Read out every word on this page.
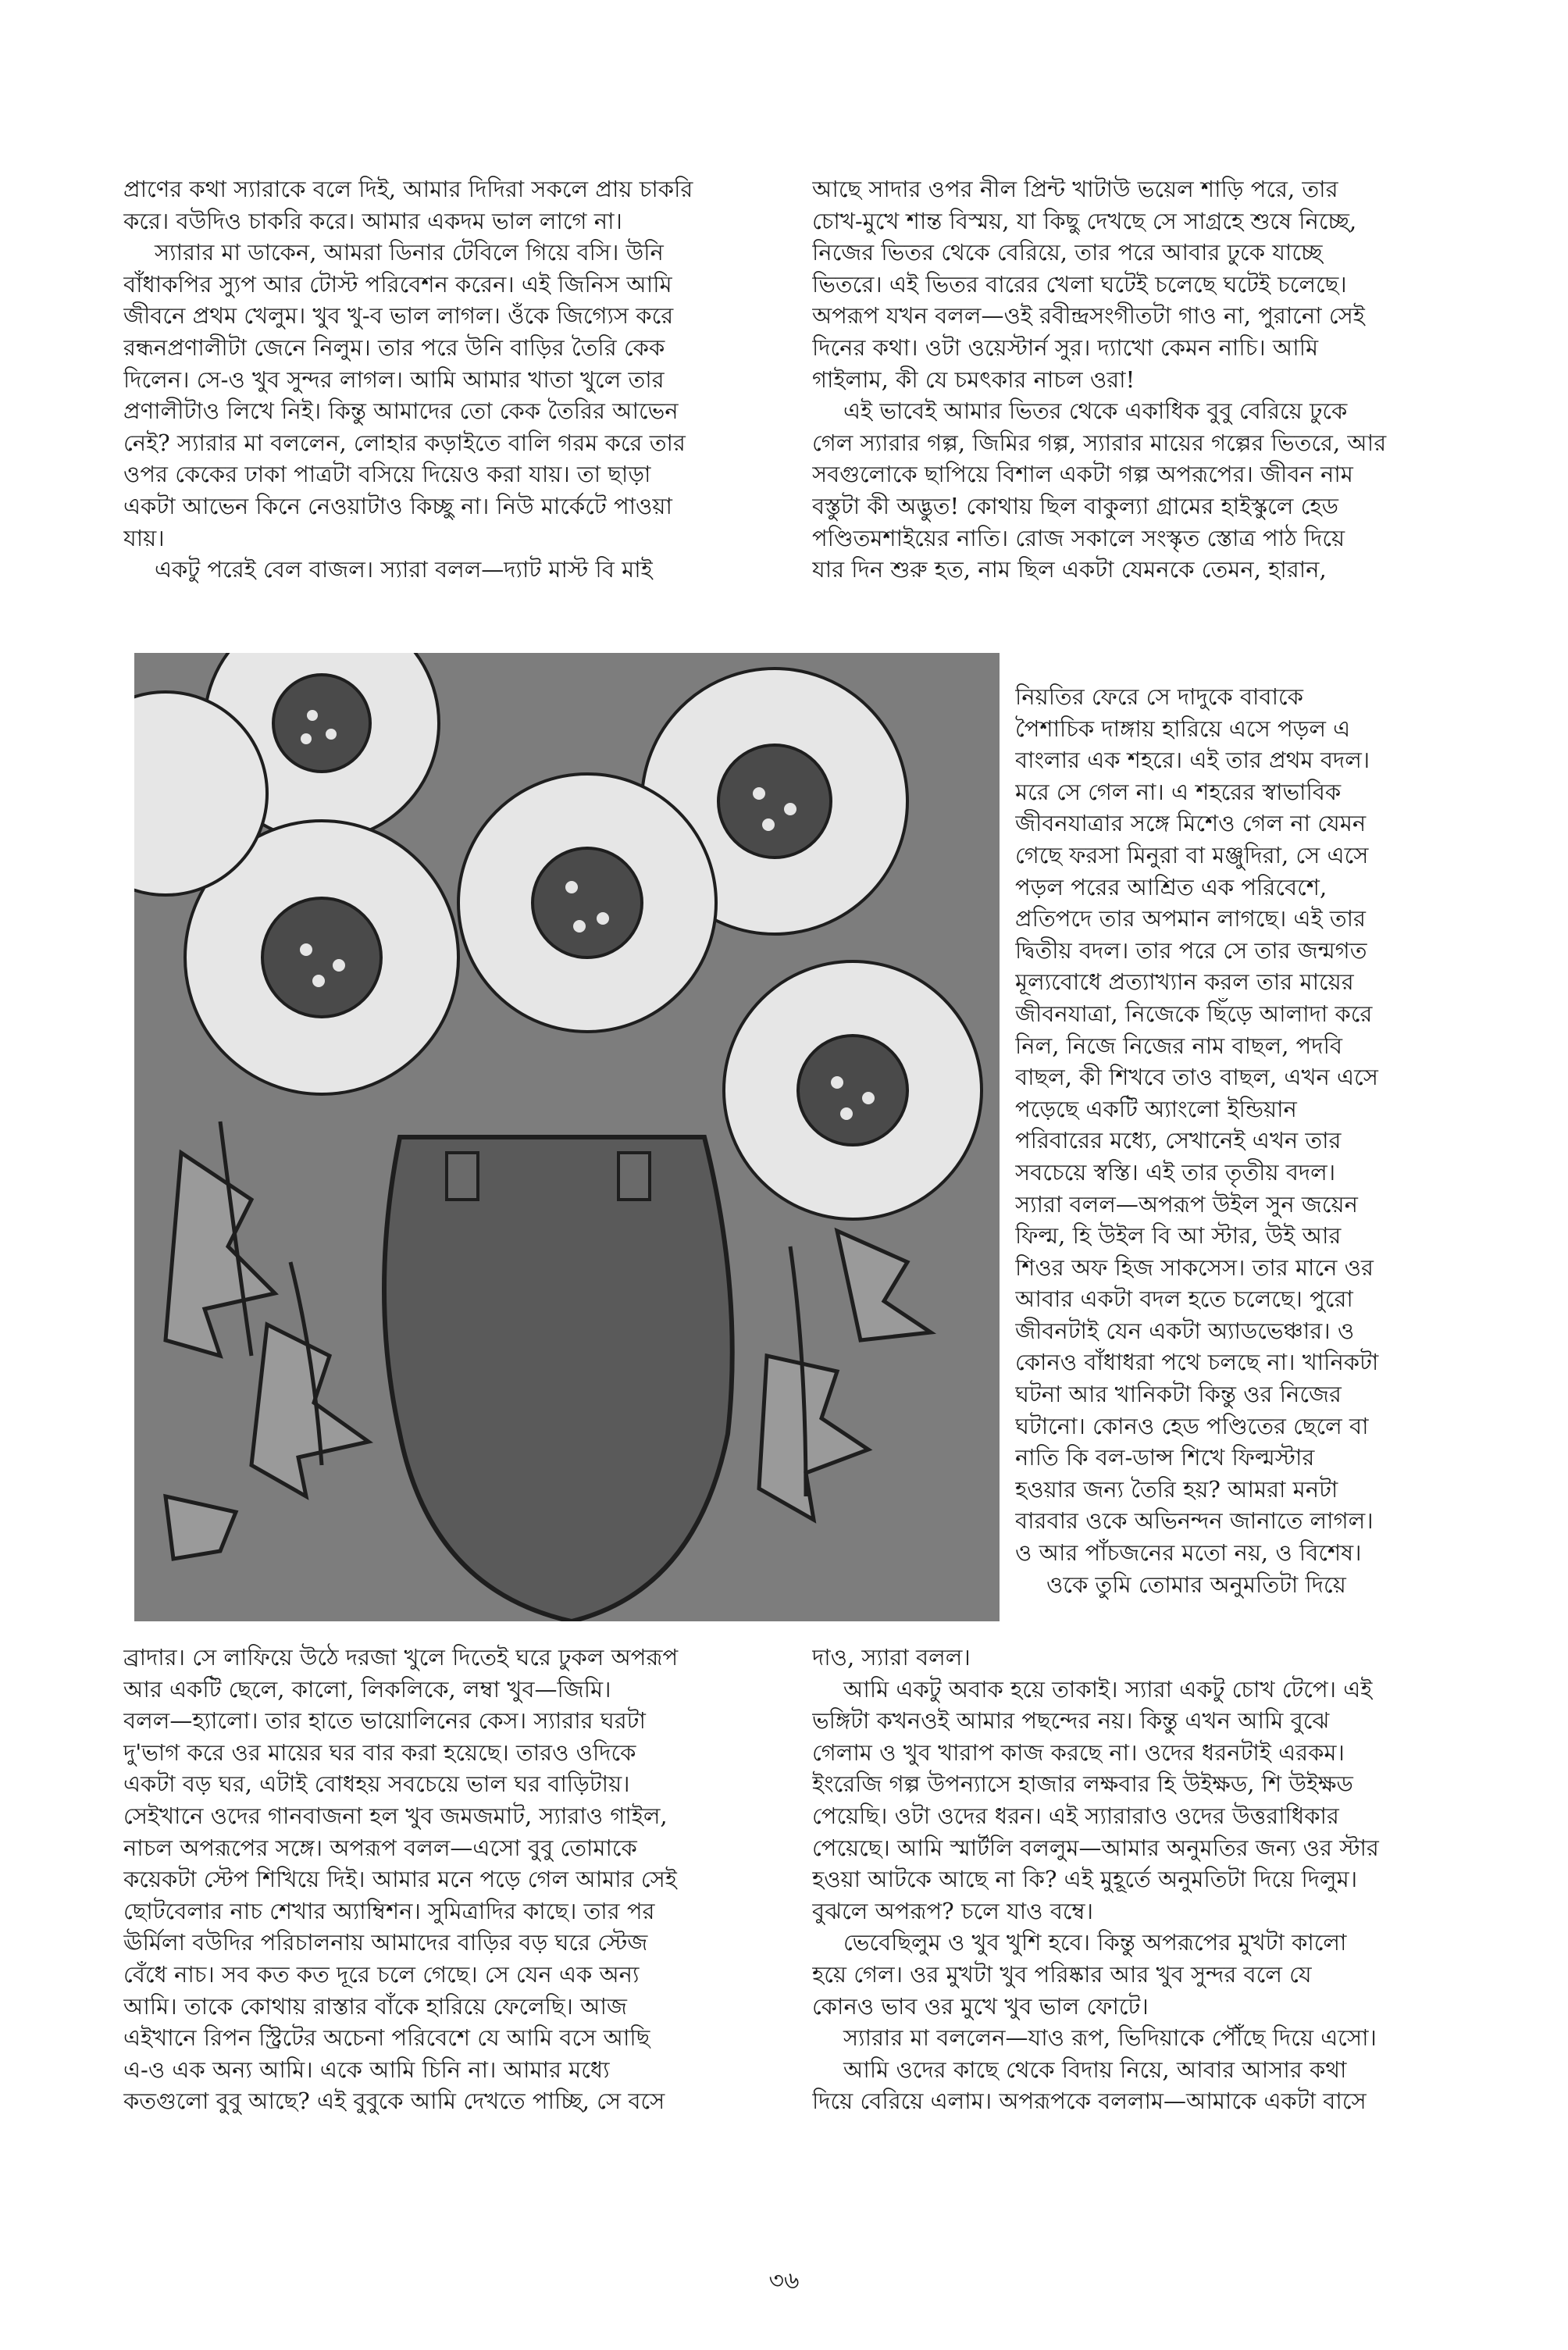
প্রাণের কথা স্যারাকে বলে দিই, আমার দিদিরা সকলে প্রায় চাকরি
করে। বউদিও চাকরি করে। আমার একদম ভাল লাগে না।
স্যারার মা ডাকেন, আমরা ডিনার টেবিলে গিয়ে বসি। উনি
বাঁধাকপির স্যুপ আর টোস্ট পরিবেশন করেন। এই জিনিস আমি
জীবনে প্রথম খেলুম। খুব খু-ব ভাল লাগল। ওঁকে জিগ্যেস করে
রন্ধনপ্রণালীটা জেনে নিলুম। তার পরে উনি বাড়ির তৈরি কেক
দিলেন। সে-ও খুব সুন্দর লাগল। আমি আমার খাতা খুলে তার
প্রণালীটাও লিখে নিই। কিন্তু আমাদের তো কেক তৈরির আভেন
নেই? স্যারার মা বললেন, লোহার কড়াইতে বালি গরম করে তার
ওপর কেকের ঢাকা পাত্রটা বসিয়ে দিয়েও করা যায়। তা ছাড়া
একটা আভেন কিনে নেওয়াটাও কিচ্ছু না। নিউ মার্কেটে পাওয়া
যায়।
একটু পরেই বেল বাজল। স্যারা বলল—দ্যাট মাস্ট বি মাই
আছে সাদার ওপর নীল প্রিন্ট খাটাউ ভয়েল শাড়ি পরে, তার
চোখ-মুখে শান্ত বিস্ময়, যা কিছু দেখছে সে সাগ্রহে শুষে নিচ্ছে,
নিজের ভিতর থেকে বেরিয়ে, তার পরে আবার ঢুকে যাচ্ছে
ভিতরে। এই ভিতর বারের খেলা ঘটেই চলেছে ঘটেই চলেছে।
অপরূপ যখন বলল—ওই রবীন্দ্রসংগীতটা গাও না, পুরানো সেই
দিনের কথা। ওটা ওয়েস্টার্ন সুর। দ্যাখো কেমন নাচি। আমি
গাইলাম, কী যে চমৎকার নাচল ওরা!
এই ভাবেই আমার ভিতর থেকে একাধিক বুবু বেরিয়ে ঢুকে
গেল স্যারার গল্প, জিমির গল্প, স্যারার মায়ের গল্পের ভিতরে, আর
সবগুলোকে ছাপিয়ে বিশাল একটা গল্প অপরূপের। জীবন নাম
বস্তুটা কী অদ্ভুত! কোথায় ছিল বাকুল্যা গ্রামের হাইস্কুলে হেড
পণ্ডিতমশাইয়ের নাতি। রোজ সকালে সংস্কৃত স্তোত্র পাঠ দিয়ে
যার দিন শুরু হত, নাম ছিল একটা যেমনকে তেমন, হারান,
নিয়তির ফেরে সে দাদুকে বাবাকে
পৈশাচিক দাঙ্গায় হারিয়ে এসে পড়ল এ
বাংলার এক শহরে। এই তার প্রথম বদল।
মরে সে গেল না। এ শহরের স্বাভাবিক
জীবনযাত্রার সঙ্গে মিশেও গেল না যেমন
গেছে ফরসা মিনুরা বা মঞ্জুদিরা, সে এসে
পড়ল পরের আশ্রিত এক পরিবেশে,
প্রতিপদে তার অপমান লাগছে। এই তার
দ্বিতীয় বদল। তার পরে সে তার জন্মগত
মূল্যবোধে প্রত্যাখ্যান করল তার মায়ের
জীবনযাত্রা, নিজেকে ছিঁড়ে আলাদা করে
নিল, নিজে নিজের নাম বাছল, পদবি
বাছল, কী শিখবে তাও বাছল, এখন এসে
পড়েছে একটি অ্যাংলো ইন্ডিয়ান
পরিবারের মধ্যে, সেখানেই এখন তার
সবচেয়ে স্বস্তি। এই তার তৃতীয় বদল।
স্যারা বলল—অপরূপ উইল সুন জয়েন
ফিল্ম, হি উইল বি আ স্টার, উই আর
শিওর অফ হিজ সাকসেস। তার মানে ওর
আবার একটা বদল হতে চলেছে। পুরো
জীবনটাই যেন একটা অ্যাডভেঞ্চার। ও
কোনও বাঁধাধরা পথে চলছে না। খানিকটা
ঘটনা আর খানিকটা কিন্তু ওর নিজের
ঘটানো। কোনও হেড পণ্ডিতের ছেলে বা
নাতি কি বল-ডান্স শিখে ফিল্মস্টার
হওয়ার জন্য তৈরি হয়? আমরা মনটা
বারবার ওকে অভিনন্দন জানাতে লাগল।
ও আর পাঁচজনের মতো নয়, ও বিশেষ।
ওকে তুমি তোমার অনুমতিটা দিয়ে
ব্রাদার। সে লাফিয়ে উঠে দরজা খুলে দিতেই ঘরে ঢুকল অপরূপ
আর একটি ছেলে, কালো, লিকলিকে, লম্বা খুব—জিমি।
বলল—হ্যালো। তার হাতে ভায়োলিনের কেস। স্যারার ঘরটা
দু'ভাগ করে ওর মায়ের ঘর বার করা হয়েছে। তারও ওদিকে
একটা বড় ঘর, এটাই বোধহয় সবচেয়ে ভাল ঘর বাড়িটায়।
সেইখানে ওদের গানবাজনা হল খুব জমজমাট, স্যারাও গাইল,
নাচল অপরূপের সঙ্গে। অপরূপ বলল—এসো বুবু তোমাকে
কয়েকটা স্টেপ শিখিয়ে দিই। আমার মনে পড়ে গেল আমার সেই
ছোটবেলার নাচ শেখার অ্যাম্বিশন। সুমিত্রাদির কাছে। তার পর
ঊর্মিলা বউদির পরিচালনায় আমাদের বাড়ির বড় ঘরে স্টেজ
বেঁধে নাচ। সব কত কত দূরে চলে গেছে। সে যেন এক অন্য
আমি। তাকে কোথায় রাস্তার বাঁকে হারিয়ে ফেলেছি। আজ
এইখানে রিপন স্ট্রিটের অচেনা পরিবেশে যে আমি বসে আছি
এ-ও এক অন্য আমি। একে আমি চিনি না। আমার মধ্যে
কতগুলো বুবু আছে? এই বুবুকে আমি দেখতে পাচ্ছি, সে বসে
দাও, স্যারা বলল।
আমি একটু অবাক হয়ে তাকাই। স্যারা একটু চোখ টেপে। এই
ভঙ্গিটা কখনওই আমার পছন্দের নয়। কিন্তু এখন আমি বুঝে
গেলাম ও খুব খারাপ কাজ করছে না। ওদের ধরনটাই এরকম।
ইংরেজি গল্প উপন্যাসে হাজার লক্ষবার হি উইক্ষড, শি উইক্ষড
পেয়েছি। ওটা ওদের ধরন। এই স্যারারাও ওদের উত্তরাধিকার
পেয়েছে। আমি স্মার্টলি বললুম—আমার অনুমতির জন্য ওর স্টার
হওয়া আটকে আছে না কি? এই মুহূর্তে অনুমতিটা দিয়ে দিলুম।
বুঝলে অপরূপ? চলে যাও বম্বে।
ভেবেছিলুম ও খুব খুশি হবে। কিন্তু অপরূপের মুখটা কালো
হয়ে গেল। ওর মুখটা খুব পরিষ্কার আর খুব সুন্দর বলে যে
কোনও ভাব ওর মুখে খুব ভাল ফোটে।
স্যারার মা বললেন—যাও রূপ, ভিদিয়াকে পৌঁছে দিয়ে এসো।
আমি ওদের কাছে থেকে বিদায় নিয়ে, আবার আসার কথা
দিয়ে বেরিয়ে এলাম। অপরূপকে বললাম—আমাকে একটা বাসে
৩৬
